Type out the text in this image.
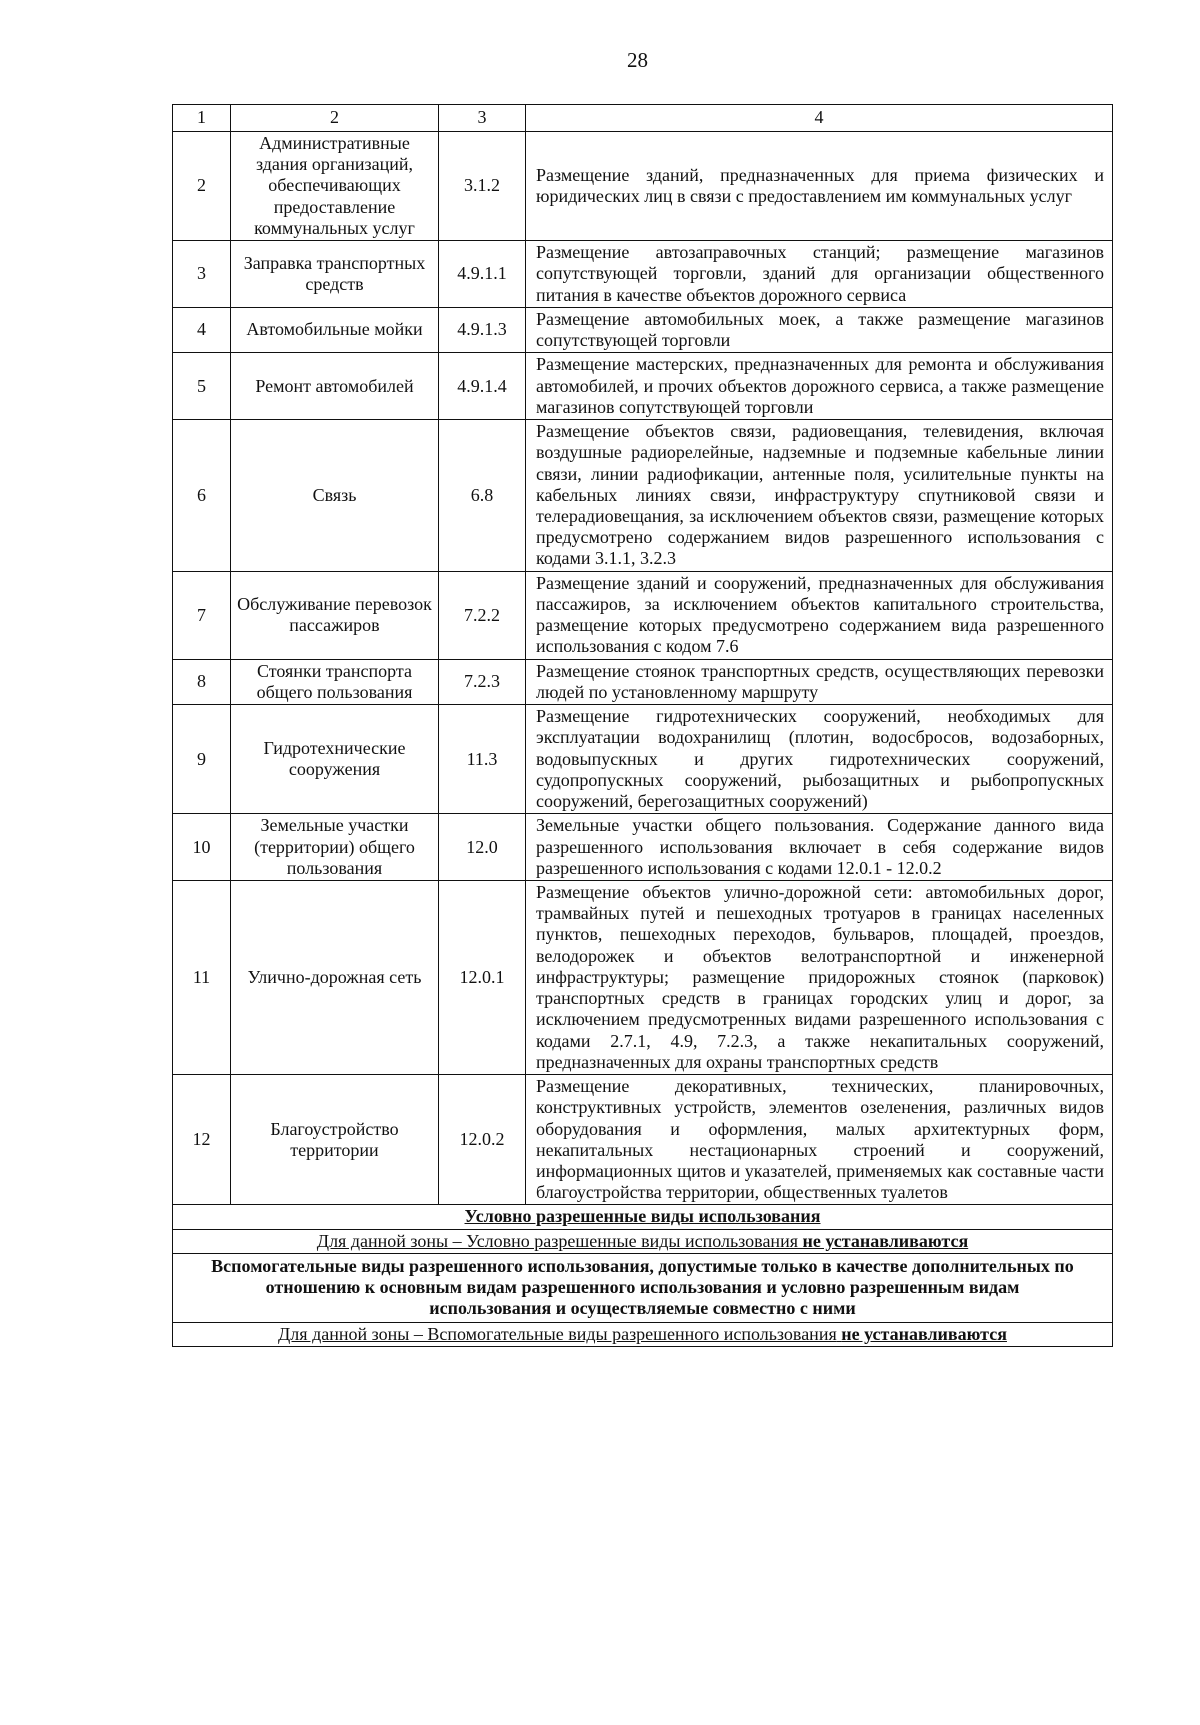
28
1	2	3	4
2	Административные здания организаций, обеспечивающих предоставление коммунальных услуг	3.1.2	Размещение зданий, предназначенных для приема физических и юридических лиц в связи с предоставлением им коммунальных услуг
3	Заправка транспортных средств	4.9.1.1	Размещение автозаправочных станций; размещение магазинов сопутствующей торговли, зданий для организации общественного питания в качестве объектов дорожного сервиса
4	Автомобильные мойки	4.9.1.3	Размещение автомобильных моек, а также размещение магазинов сопутствующей торговли
5	Ремонт автомобилей	4.9.1.4	Размещение мастерских, предназначенных для ремонта и обслуживания автомобилей, и прочих объектов дорожного сервиса, а также размещение магазинов сопутствующей торговли
6	Связь	6.8	Размещение объектов связи, радиовещания, телевидения, включая воздушные радиорелейные, надземные и подземные кабельные линии связи, линии радиофикации, антенные поля, усилительные пункты на кабельных линиях связи, инфраструктуру спутниковой связи и телерадиовещания, за исключением объектов связи, размещение которых предусмотрено содержанием видов разрешенного использования с кодами 3.1.1, 3.2.3
7	Обслуживание перевозок пассажиров	7.2.2	Размещение зданий и сооружений, предназначенных для обслуживания пассажиров, за исключением объектов капитального строительства, размещение которых предусмотрено содержанием вида разрешенного использования с кодом 7.6
8	Стоянки транспорта общего пользования	7.2.3	Размещение стоянок транспортных средств, осуществляющих перевозки людей по установленному маршруту
9	Гидротехнические сооружения	11.3	Размещение гидротехнических сооружений, необходимых для эксплуатации водохранилищ (плотин, водосбросов, водозаборных, водовыпускных и других гидротехнических сооружений, судопропускных сооружений, рыбозащитных и рыбопропускных сооружений, берегозащитных сооружений)
10	Земельные участки (территории) общего пользования	12.0	Земельные участки общего пользования. Содержание данного вида разрешенного использования включает в себя содержание видов разрешенного использования с кодами 12.0.1 - 12.0.2
11	Улично-дорожная сеть	12.0.1	Размещение объектов улично-дорожной сети: автомобильных дорог, трамвайных путей и пешеходных тротуаров в границах населенных пунктов, пешеходных переходов, бульваров, площадей, проездов, велодорожек и объектов велотранспортной и инженерной инфраструктуры; размещение придорожных стоянок (парковок) транспортных средств в границах городских улиц и дорог, за исключением предусмотренных видами разрешенного использования с кодами 2.7.1, 4.9, 7.2.3, а также некапитальных сооружений, предназначенных для охраны транспортных средств
12	Благоустройство территории	12.0.2	Размещение декоративных, технических, планировочных, конструктивных устройств, элементов озеленения, различных видов оборудования и оформления, малых архитектурных форм, некапитальных нестационарных строений и сооружений, информационных щитов и указателей, применяемых как составные части благоустройства территории, общественных туалетов
Условно разрешенные виды использования			
Для данной зоны – Условно разрешенные виды использования не устанавливаются			
Вспомогательные виды разрешенного использования, допустимые только в качестве дополнительных по отношению к основным видам разрешенного использования и условно разрешенным видам использования и осуществляемые совместно с ними			
Для данной зоны – Вспомогательные виды разрешенного использования не устанавливаются			
